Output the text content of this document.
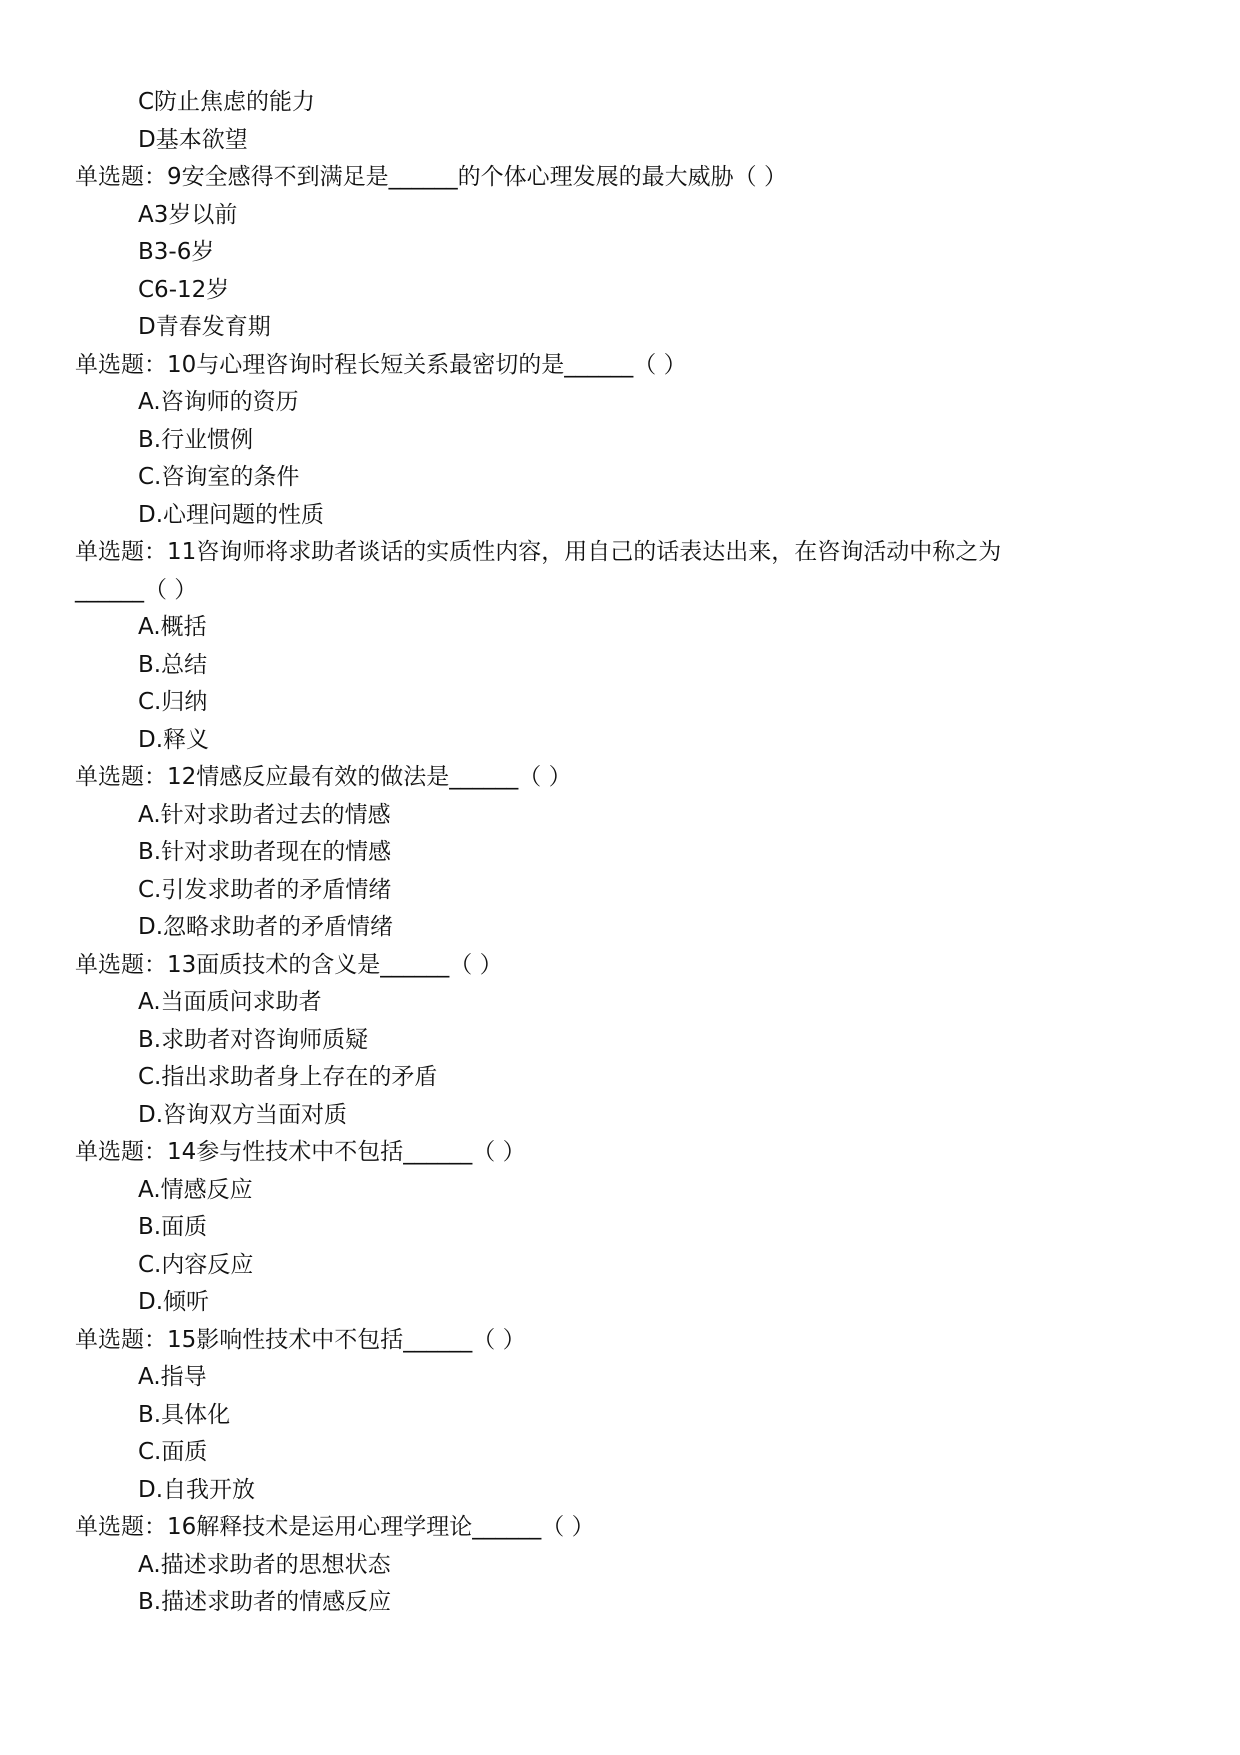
C防止焦虑的能力
D基本欲望
单选题：9安全感得不到满足是______的个体心理发展的最大威胁（ ）
A3岁以前
B3-6岁
C6-12岁
D青春发育期
单选题：10与心理咨询时程长短关系最密切的是______（ ）
A.咨询师的资历
B.行业惯例
C.咨询室的条件
D.心理问题的性质
单选题：11咨询师将求助者谈话的实质性内容，用自己的话表达出来，在咨询活动中称之为
______（ ）
A.概括
B.总结
C.归纳
D.释义
单选题：12情感反应最有效的做法是______（ ）
A.针对求助者过去的情感
B.针对求助者现在的情感
C.引发求助者的矛盾情绪
D.忽略求助者的矛盾情绪
单选题：13面质技术的含义是______（ ）
A.当面质问求助者
B.求助者对咨询师质疑
C.指出求助者身上存在的矛盾
D.咨询双方当面对质
单选题：14参与性技术中不包括______（ ）
A.情感反应
B.面质
C.内容反应
D.倾听
单选题：15影响性技术中不包括______（ ）
A.指导
B.具体化
C.面质
D.自我开放
单选题：16解释技术是运用心理学理论______（ ）
A.描述求助者的思想状态
B.描述求助者的情感反应
